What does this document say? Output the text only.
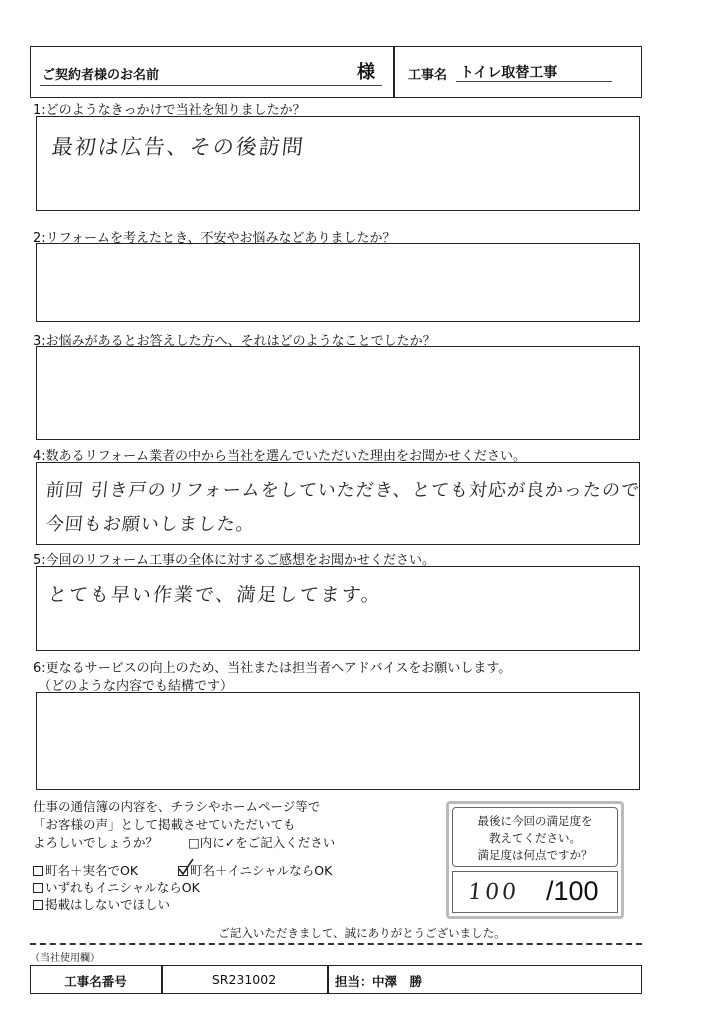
ご契約者様のお名前	様	工事名 トイレ取替工事
1:どのようなきっかけで当社を知りましたか？
最初は広告、その後訪問
2:リフォームを考えたとき、不安やお悩みなどありましたか？
3:お悩みがあるとお答えした方へ、それはどのようなことでしたか？
4:数あるリフォーム業者の中から当社を選んでいただいた理由をお聞かせください。
前回 引き戸のリフォームをしていただき、とても対応が良かったので
今回もお願いしました。
5:今回のリフォーム工事の全体に対するご感想をお聞かせください。
とても早い作業で、満足してます。
6:更なるサービスの向上のため、当社または担当者へアドバイスをお願いします。
（どのような内容でも結構です）
仕事の通信簿の内容を、チラシやホームページ等で
「お客様の声」として掲載させていただいても
よろしいでしょうか？ □内に✓をご記入ください
町名＋実名でOK	町名＋イニシャルならOK
いずれもイニシャルならOK
掲載はしないでほしい
最後に今回の満足度を
教えてください。
満足度は何点ですか？
100 /100
ご記入いただきまして、誠にありがとうございました。
（当社使用欄）
工事名番号	SR231002	担当： 中澤　勝
